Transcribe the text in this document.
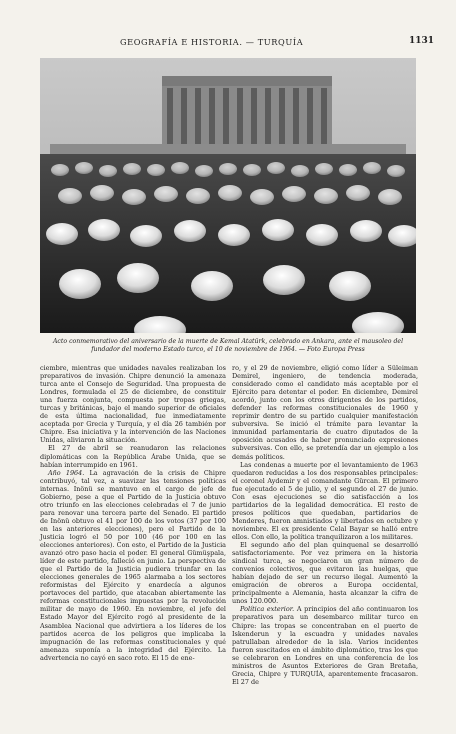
GEOGRAFÍA E HISTORIA. — TURQUÍA	1131
Acto conmemorativo del aniversario de la muerte de Kemal Atatürk, celebrado en Ankara, ante el mausoleo del fundador del moderno Estado turco, el 10 de noviembre de 1964. — Foto Europa Press

ciembre, mientras que unidades navales realizaban los preparativos de invasión. Chipre denunció la amenaza turca ante el Consejo de Seguridad. Una propuesta de Londres, formulada el 25 de diciembre, de constituir una fuerza conjunta, compuesta por tropas griegas, turcas y británicas, bajo el mando superior de oficiales de esta última nacionalidad, fue inmediatamente aceptada por Grecia y Turquía, y el día 26 también por Chipre. Esa iniciativa y la intervención de las Naciones Unidas, aliviaron la situación.

El 27 de abril se reanudaron las relaciones diplomáticas con la República Árabe Unida, que se habían interrumpido en 1961.

Año 1964. La agravación de la crisis de Chipre contribuyó, tal vez, a suavizar las tensiones políticas internas. Inönü se mantuvo en el cargo de jefe de Gobierno, pese a que el Partido de la Justicia obtuvo otro triunfo en las elecciones celebradas el 7 de junio para renovar una tercera parte del Senado. El partido de Inönü obtuvo el 41 por 100 de los votos (37 por 100 en las anteriores elecciones), pero el Partido de la Justicia logró el 50 por 100 (46 por 100 en las elecciones anteriores). Con esto, el Partido de la Justicia avanzó otro paso hacia el poder. El general Gümüşpala, líder de este partido, falleció en junio. La perspectiva de que el Partido de la Justicia pudiera triunfar en las elecciones generales de 1965 alarmaba a los sectores reformistas del Ejército y enardecía a algunos portavoces del partido, que atacaban abiertamente las reformas constitucionales impuestas por la revolución militar de mayo de 1960. En noviembre, el jefe del Estado Mayor del Ejército rogó al presidente de la Asamblea Nacional que advirtiera a los líderes de los partidos acerca de los peligros que implicaba la impugnación de las reformas constitucionales y qué amenaza suponía a la integridad del Ejército. La advertencia no cayó en saco roto. El 15 de ene-

ro, y el 29 de noviembre, eligió como líder a Süleiman Demirel, ingeniero, de tendencia moderada, considerado como el candidato más aceptable por el Ejército para detentar el poder. En diciembre, Demirel acordó, junto con los otros dirigentes de los partidos, defender las reformas constitucionales de 1960 y reprimir dentro de su partido cualquier manifestación subversiva. Se inició el trámite para levantar la inmunidad parlamentaria de cuatro diputados de la oposición acusados de haber pronunciado expresiones subversivas. Con ello, se pretendía dar un ejemplo a los demás políticos.

Las condenas a muerte por el levantamiento de 1963 quedaron reducidas a los dos responsables principales: el coronel Aydemir y el comandante Gürcan. El primero fue ejecutado el 5 de julio, y el segundo el 27 de junio. Con esas ejecuciones se dio satisfacción a los partidarios de la legalidad democrática. El resto de presos políticos que quedaban, partidarios de Menderes, fueron amnistiados y libertados en octubre y noviembre. El ex presidente Celal Bayar se halló entre ellos. Con ello, la política tranquilizaron a los militares.

El segundo año del plan quinquenal se desarrolló satisfactoriamente. Por vez primera en la historia sindical turca, se negociaron un gran número de convenios colectivos, que evitaron las huelgas, que habían dejado de ser un recurso ilegal. Aumentó la emigración de obreros a Europa occidental, principalmente a Alemania, hasta alcanzar la cifra de unos 120.000.

Política exterior. A principios del año continuaron los preparativos para un desembarco militar turco en Chipre: las tropas se concentraban en el puerto de Iskenderun y la escuadra y unidades navales patrullaban alrededor de la isla. Varios incidentes fueron suscitados en el ámbito diplomático, tras los que se celebraron en Londres en una conferencia de los ministros de Asuntos Exteriores de Gran Bretaña, Grecia, Chipre y TURQUÍA, aparentemente fracasaron. El 27 de
